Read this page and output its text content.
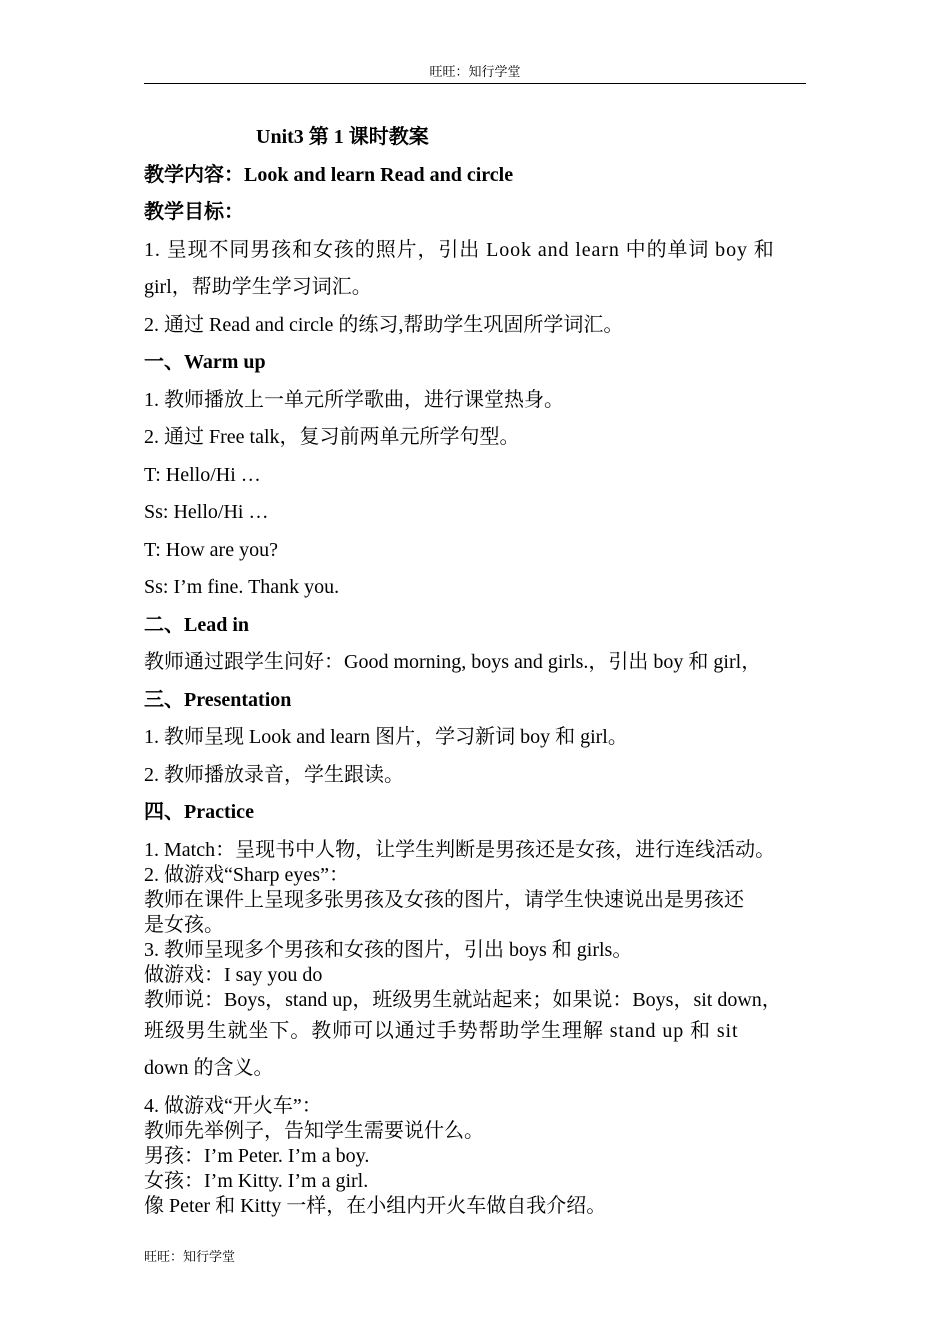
旺旺：知行学堂
Unit3 第 1 课时教案
教学内容：Look and learn Read and circle
教学目标：
1. 呈现不同男孩和女孩的照片，引出 Look and learn 中的单词 boy 和
girl，帮助学生学习词汇。
2. 通过 Read and circle 的练习,帮助学生巩固所学词汇。
一、Warm up
1. 教师播放上一单元所学歌曲，进行课堂热身。
2. 通过 Free talk，复习前两单元所学句型。
T: Hello/Hi …
Ss: Hello/Hi …
T: How are you?
Ss: I’m fine. Thank you.
二、Lead in
教师通过跟学生问好：Good morning, boys and girls.，引出 boy 和 girl，
三、Presentation
1. 教师呈现 Look and learn 图片，学习新词 boy 和 girl。
2. 教师播放录音，学生跟读。
四、Practice
1. Match：呈现书中人物，让学生判断是男孩还是女孩，进行连线活动。
2. 做游戏“Sharp eyes”：
教师在课件上呈现多张男孩及女孩的图片，请学生快速说出是男孩还
是女孩。
3. 教师呈现多个男孩和女孩的图片，引出 boys 和 girls。
做游戏：I say you do
教师说：Boys，stand up，班级男生就站起来；如果说：Boys，sit down，
班级男生就坐下。教师可以通过手势帮助学生理解 stand up 和 sit
down 的含义。
4. 做游戏“开火车”：
教师先举例子，告知学生需要说什么。
男孩：I’m Peter. I’m a boy.
女孩：I’m Kitty. I’m a girl.
像 Peter 和 Kitty 一样，在小组内开火车做自我介绍。
旺旺：知行学堂
